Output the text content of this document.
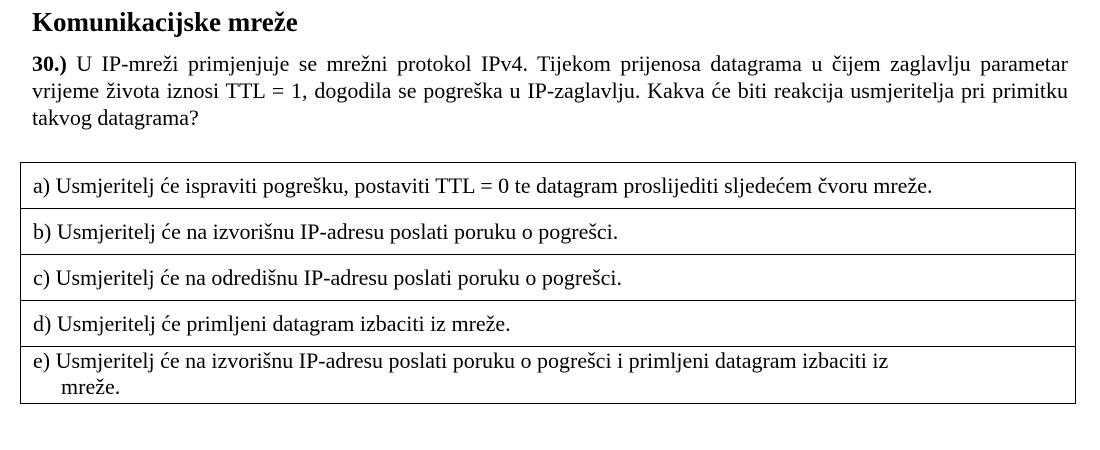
Komunikacijske mreže

30.) U IP-mreži primjenjuje se mrežni protokol IPv4. Tijekom prijenosa datagrama u čijem zaglavlju parametar vrijeme života iznosi TTL = 1, dogodila se pogreška u IP-zaglavlju. Kakva će biti reakcija usmjeritelja pri primitku takvog datagrama?

a) Usmjeritelj će ispraviti pogrešku, postaviti TTL = 0 te datagram proslijediti sljedećem čvoru mreže.

b) Usmjeritelj će na izvorišnu IP-adresu poslati poruku o pogrešci.

c) Usmjeritelj će na odredišnu IP-adresu poslati poruku o pogrešci.

d) Usmjeritelj će primljeni datagram izbaciti iz mreže.

e) Usmjeritelj će na izvorišnu IP-adresu poslati poruku o pogrešci i primljeni datagram izbaciti iz
mreže.
